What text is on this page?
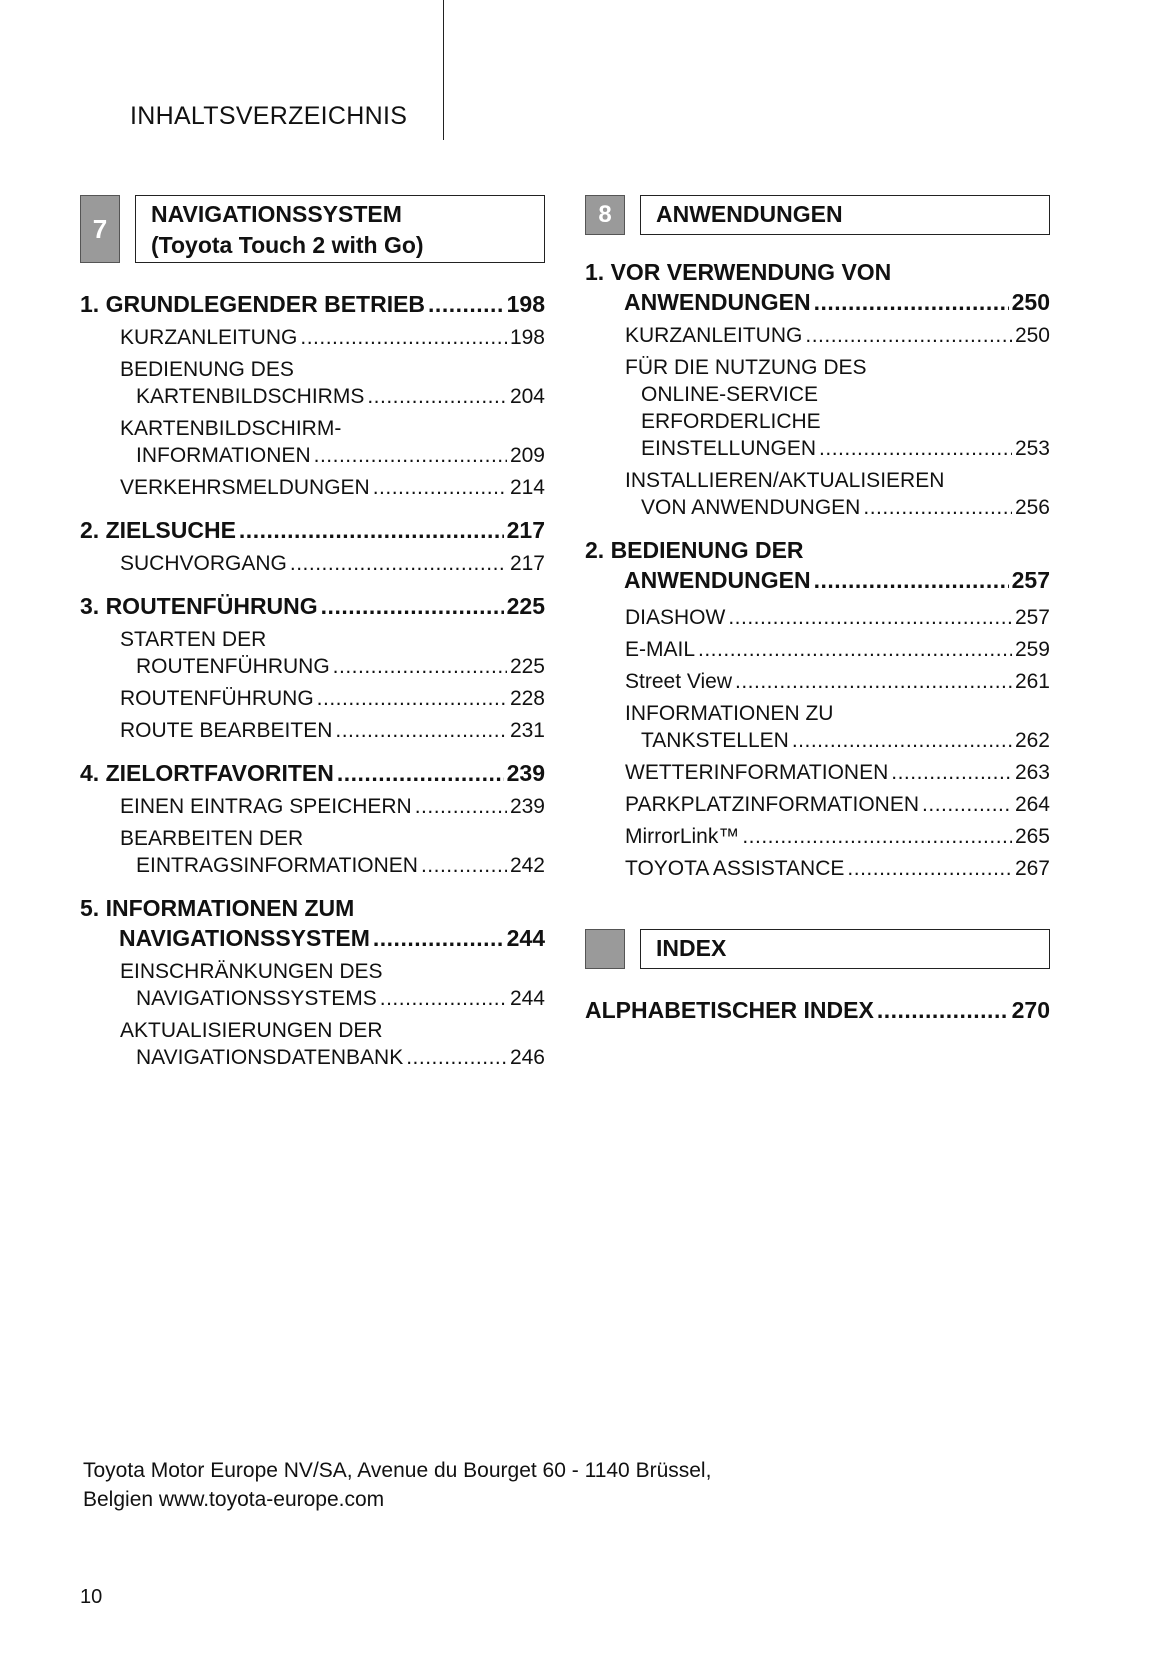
INHALTSVERZEICHNIS
7	NAVIGATIONSSYSTEM
(Toyota Touch 2 with Go)
1. GRUNDLEGENDER BETRIEB .....	198
KURZANLEITUNG .....	198
BEDIENUNG DES
KARTENBILDSCHIRMS .....	204
KARTENBILDSCHIRM-
INFORMATIONEN .....	209
VERKEHRSMELDUNGEN .....	214
2. ZIELSUCHE .....	217
SUCHVORGANG .....	217
3. ROUTENFÜHRUNG .....	225
STARTEN DER
ROUTENFÜHRUNG .....	225
ROUTENFÜHRUNG .....	228
ROUTE BEARBEITEN .....	231
4. ZIELORTFAVORITEN .....	239
EINEN EINTRAG SPEICHERN .....	239
BEARBEITEN DER
EINTRAGSINFORMATIONEN .....	242
5. INFORMATIONEN ZUM
NAVIGATIONSSYSTEM .....	244
EINSCHRÄNKUNGEN DES
NAVIGATIONSSYSTEMS .....	244
AKTUALISIERUNGEN DER
NAVIGATIONSDATENBANK .....	246
8	ANWENDUNGEN
1. VOR VERWENDUNG VON
ANWENDUNGEN .....	250
KURZANLEITUNG .....	250
FÜR DIE NUTZUNG DES
ONLINE-SERVICE
ERFORDERLICHE
EINSTELLUNGEN .....	253
INSTALLIEREN/AKTUALISIEREN
VON ANWENDUNGEN .....	256
2. BEDIENUNG DER
ANWENDUNGEN .....	257
DIASHOW .....	257
E-MAIL .....	259
Street View .....	261
INFORMATIONEN ZU
TANKSTELLEN .....	262
WETTERINFORMATIONEN .....	263
PARKPLATZINFORMATIONEN .....	264
MirrorLink™ .....	265
TOYOTA ASSISTANCE .....	267
INDEX
ALPHABETISCHER INDEX .....	270
Toyota Motor Europe NV/SA, Avenue du Bourget 60 - 1140 Brüssel,
Belgien www.toyota-europe.com
10
